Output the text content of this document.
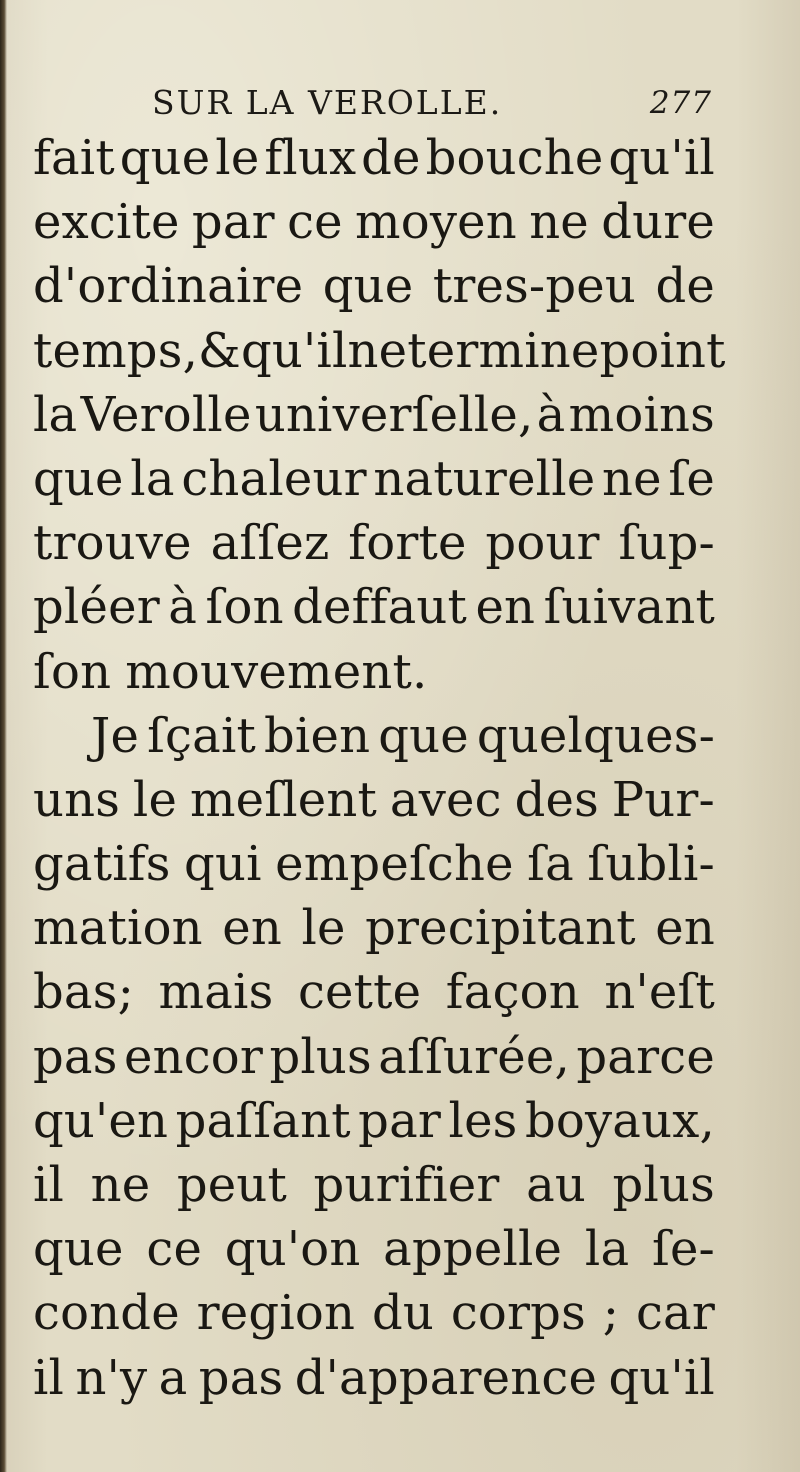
SUR LA VEROLLE.	277
fait que le flux de bouche qu'il
excite par ce moyen ne dure
d'ordinaire que tres-peu de
temps,& qu'il ne termine point
la Verolle univerſelle, à moins
que la chaleur naturelle ne ſe
trouve aſſez forte pour ſup-
pléer à ſon deffaut en ſuivant
ſon mouvement.
Je ſçait bien que quelques-
uns le meſlent avec des Pur-
gatifs qui empeſche ſa ſubli-
mation en le precipitant en
bas; mais cette façon n'eſt
pas encor plus aſſurée, parce
qu'en paſſant par les boyaux,
il ne peut purifier au plus
que ce qu'on appelle la ſe-
conde region du corps ; car
il n'y a pas d'apparence qu'il
